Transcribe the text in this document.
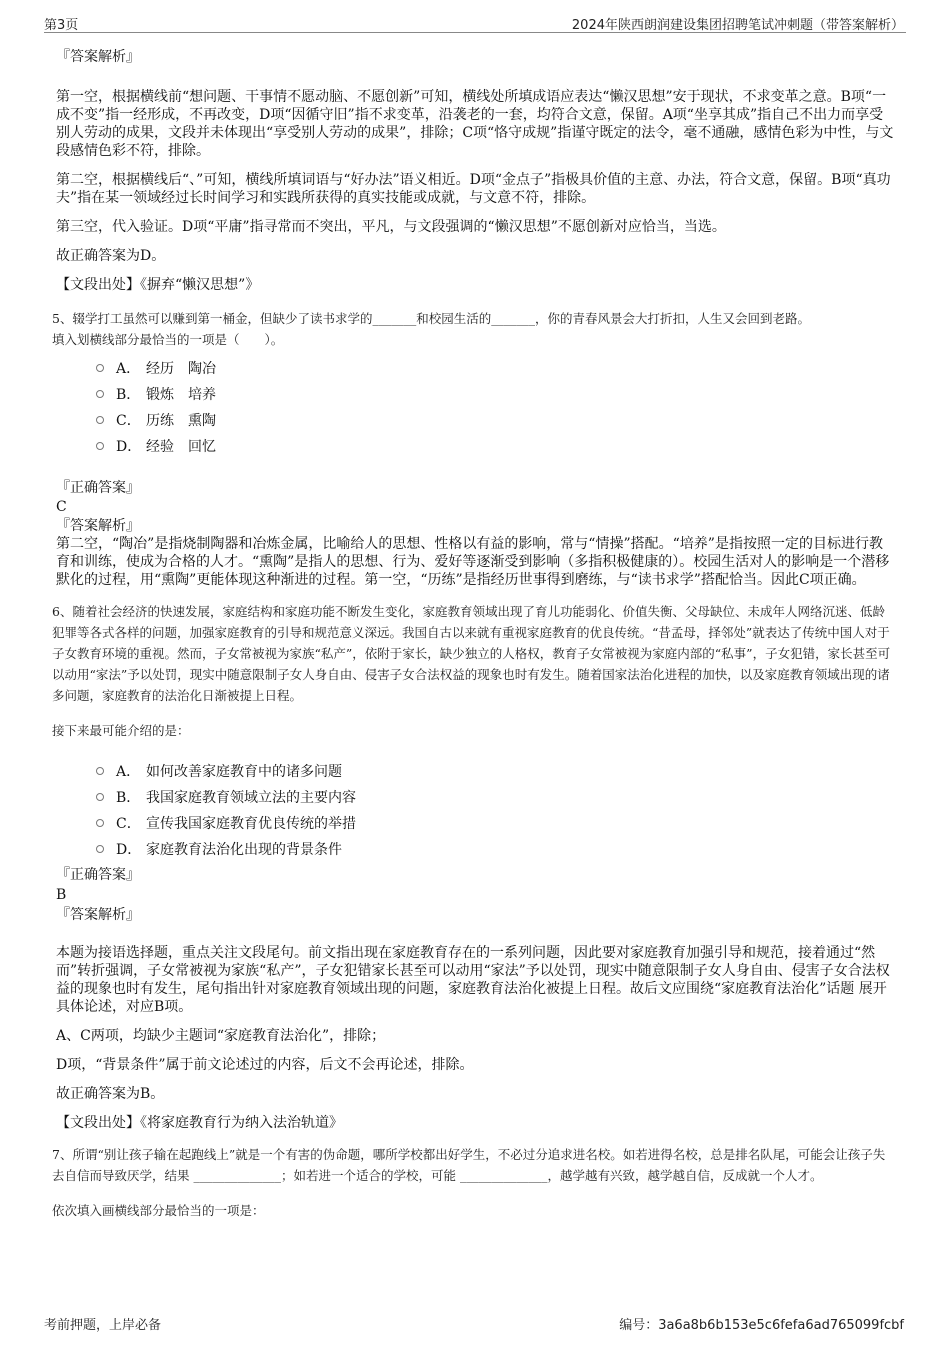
第3页	2024年陕西朗润建设集团招聘笔试冲刺题（带答案解析）

『答案解析』

第一空，根据横线前“想问题、干事情不愿动脑、不愿创新”可知，横线处所填成语应表达“懒汉思想”安于现状，不求变革之意。B项“一成不变”指一经形成，不再改变，D项“因循守旧”指不求变革，沿袭老的一套，均符合文意，保留。A项“坐享其成”指自己不出力而享受别人劳动的成果，文段并未体现出“享受别人劳动的成果”，排除；C项“恪守成规”指谨守既定的法令，毫不通融，感情色彩为中性，与文段感情色彩不符，排除。

第二空，根据横线后“、”可知，横线所填词语与“好办法”语义相近。D项“金点子”指极具价值的主意、办法，符合文意，保留。B项“真功夫”指在某一领域经过长时间学习和实践所获得的真实技能或成就，与文意不符，排除。

第三空，代入验证。D项“平庸”指寻常而不突出，平凡，与文段强调的“懒汉思想”不愿创新对应恰当，当选。

故正确答案为D。

【文段出处】《摒弃“懒汉思想”》

5、辍学打工虽然可以赚到第一桶金，但缺少了读书求学的_______和校园生活的_______，你的青春风景会大打折扣，人生又会回到老路。

填入划横线部分最恰当的一项是（　　）。

A． 经历　陶冶
B． 锻炼　培养
C． 历练　熏陶
D． 经验　回忆

『正确答案』

C

『答案解析』

第二空，“陶冶”是指烧制陶器和冶炼金属，比喻给人的思想、性格以有益的影响，常与“情操”搭配。“培养”是指按照一定的目标进行教育和训练，使成为合格的人才。“熏陶”是指人的思想、行为、爱好等逐渐受到影响（多指积极健康的）。校园生活对人的影响是一个潜移默化的过程，用“熏陶”更能体现这种渐进的过程。第一空，“历练”是指经历世事得到磨练，与“读书求学”搭配恰当。因此C项正确。

6、随着社会经济的快速发展，家庭结构和家庭功能不断发生变化，家庭教育领域出现了育儿功能弱化、价值失衡、父母缺位、未成年人网络沉迷、低龄犯罪等各式各样的问题，加强家庭教育的引导和规范意义深远。我国自古以来就有重视家庭教育的优良传统。“昔孟母，择邻处”就表达了传统中国人对于子女教育环境的重视。然而，子女常被视为家族“私产”，依附于家长，缺少独立的人格权，教育子女常被视为家庭内部的“私事”，子女犯错，家长甚至可以动用“家法”予以处罚，现实中随意限制子女人身自由、侵害子女合法权益的现象也时有发生。随着国家法治化进程的加快，以及家庭教育领域出现的诸多问题，家庭教育的法治化日渐被提上日程。

接下来最可能介绍的是：

A． 如何改善家庭教育中的诸多问题
B． 我国家庭教育领域立法的主要内容
C． 宣传我国家庭教育优良传统的举措
D． 家庭教育法治化出现的背景条件

『正确答案』

B

『答案解析』

本题为接语选择题，重点关注文段尾句。前文指出现在家庭教育存在的一系列问题，因此要对家庭教育加强引导和规范，接着通过“然而”转折强调，子女常被视为家族“私产”，子女犯错家长甚至可以动用“家法”予以处罚，现实中随意限制子女人身自由、侵害子女合法权益的现象也时有发生，尾句指出针对家庭教育领域出现的问题，家庭教育法治化被提上日程。故后文应围绕“家庭教育法治化”话题 展开 具体论述，对应B项。

A、C两项，均缺少主题词“家庭教育法治化”，排除；

D项，“背景条件”属于前文论述过的内容，后文不会再论述，排除。

故正确答案为B。

【文段出处】《将家庭教育行为纳入法治轨道》

7、所谓“别让孩子输在起跑线上”就是一个有害的伪命题，哪所学校都出好学生，不必过分追求进名校。如若进得名校，总是排名队尾，可能会让孩子失去自信而导致厌学，结果 ______________；如若进一个适合的学校，可能 ______________，越学越有兴致，越学越自信，反成就一个人才。

依次填入画横线部分最恰当的一项是：

考前押题，上岸必备	编号：3a6a8b6b153e5c6fefa6ad765099fcbf
